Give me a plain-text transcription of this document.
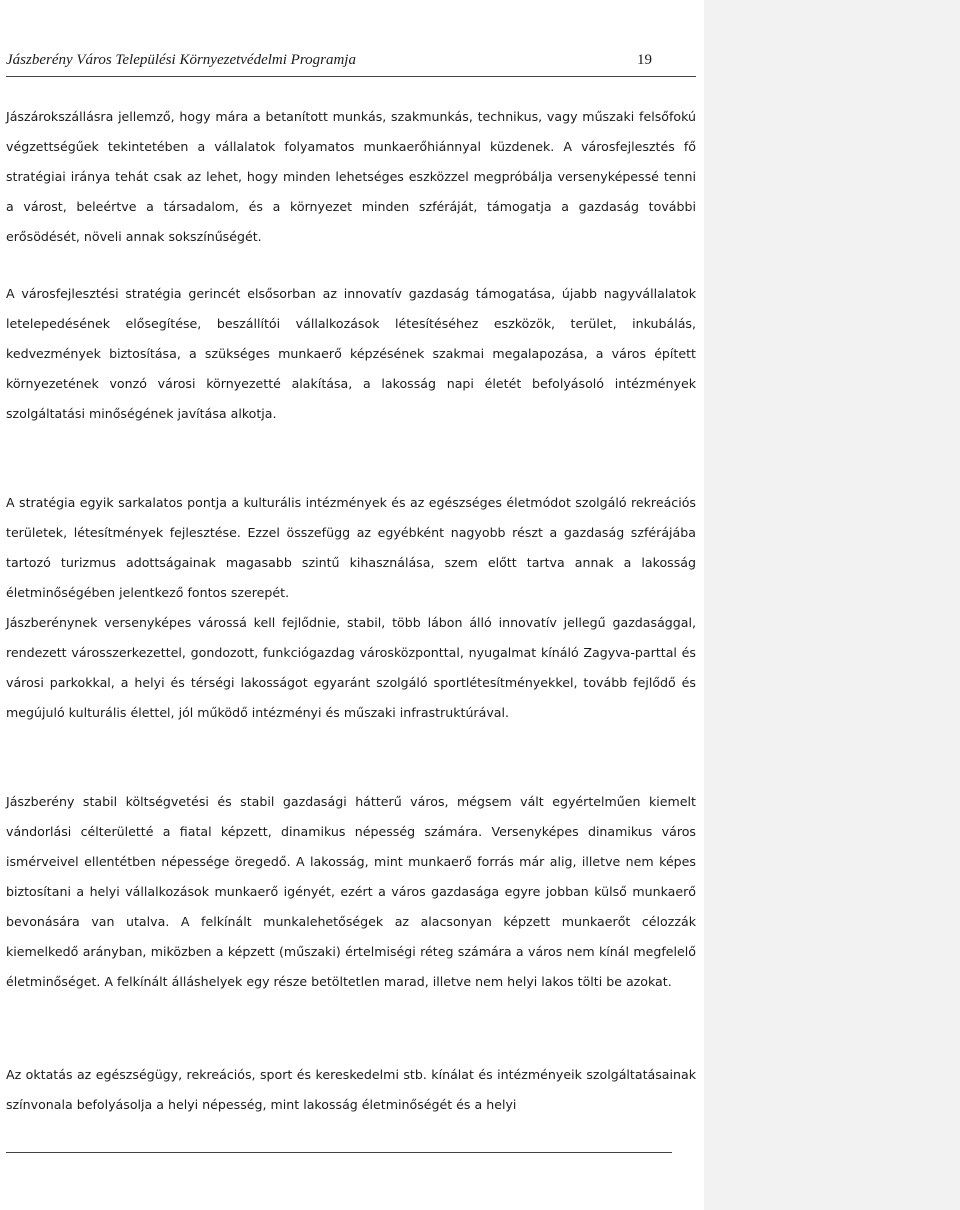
Jászberény Város Települési Környezetvédelmi Programja	19

Jászárokszállásra jellemző, hogy mára a betanított munkás, szakmunkás, technikus, vagy műszaki felsőfokú végzettségűek tekintetében a vállalatok folyamatos munkaerőhiánnyal küzdenek. A városfejlesztés fő stratégiai iránya tehát csak az lehet, hogy minden lehetséges eszközzel megpróbálja versenyképessé tenni a várost, beleértve a társadalom, és a környezet minden szféráját, támogatja a gazdaság további erősödését, növeli annak sokszínűségét.

A városfejlesztési stratégia gerincét elsősorban az innovatív gazdaság támogatása, újabb nagyvállalatok letelepedésének elősegítése, beszállítói vállalkozások létesítéséhez eszközök, terület, inkubálás, kedvezmények biztosítása, a szükséges munkaerő képzésének szakmai megalapozása, a város épített környezetének vonzó városi környezetté alakítása, a lakosság napi életét befolyásoló intézmények szolgáltatási minőségének javítása alkotja.

A stratégia egyik sarkalatos pontja a kulturális intézmények és az egészséges életmódot szolgáló rekreációs területek, létesítmények fejlesztése. Ezzel összefügg az egyébként nagyobb részt a gazdaság szférájába tartozó turizmus adottságainak magasabb szintű kihasználása, szem előtt tartva annak a lakosság életminőségében jelentkező fontos szerepét.

Jászberénynek versenyképes várossá kell fejlődnie, stabil, több lábon álló innovatív jellegű gazdasággal, rendezett városszerkezettel, gondozott, funkciógazdag városközponttal, nyugalmat kínáló Zagyva-parttal és városi parkokkal, a helyi és térségi lakosságot egyaránt szolgáló sportlétesítményekkel, tovább fejlődő és megújuló kulturális élettel, jól működő intézményi és műszaki infrastruktúrával.

Jászberény stabil költségvetési és stabil gazdasági hátterű város, mégsem vált egyértelműen kiemelt vándorlási célterületté a fiatal képzett, dinamikus népesség számára. Versenyképes dinamikus város ismérveivel ellentétben népessége öregedő. A lakosság, mint munkaerő forrás már alig, illetve nem képes biztosítani a helyi vállalkozások munkaerő igényét, ezért a város gazdasága egyre jobban külső munkaerő bevonására van utalva. A felkínált munkalehetőségek az alacsonyan képzett munkaerőt célozzák kiemelkedő arányban, miközben a képzett (műszaki) értelmiségi réteg számára a város nem kínál megfelelő életminőséget. A felkínált álláshelyek egy része betöltetlen marad, illetve nem helyi lakos tölti be azokat.

Az oktatás az egészségügy, rekreációs, sport és kereskedelmi stb. kínálat és intézményeik szolgáltatásainak színvonala befolyásolja a helyi népesség, mint lakosság életminőségét és a helyi
